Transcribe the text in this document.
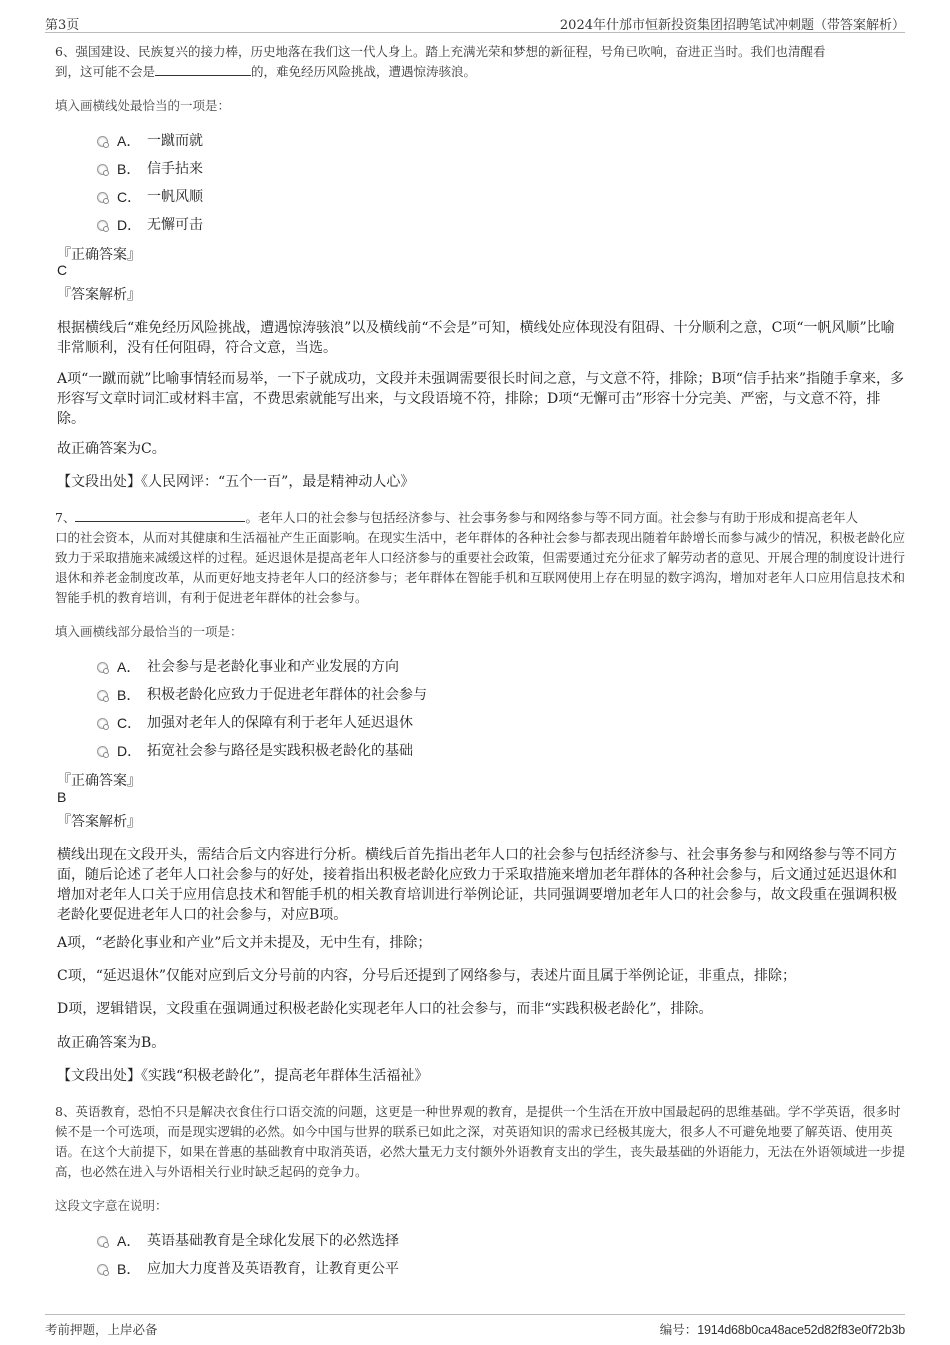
第3页	2024年什邡市恒新投资集团招聘笔试冲刺题（带答案解析）
6、强国建设、民族复兴的接力棒，历史地落在我们这一代人身上。踏上充满光荣和梦想的新征程，号角已吹响，奋进正当时。我们也清醒看
到，这可能不会是	的，难免经历风险挑战，遭遇惊涛骇浪。
填入画横线处最恰当的一项是：
A． 一蹴而就
B． 信手拈来
C． 一帆风顺
D． 无懈可击
『正确答案』
C
『答案解析』
根据横线后“难免经历风险挑战，遭遇惊涛骇浪”以及横线前“不会是”可知，横线处应体现没有阻碍、十分顺利之意，C项“一帆风顺”比喻非常顺利，没有任何阻碍，符合文意，当选。
A项“一蹴而就”比喻事情轻而易举，一下子就成功，文段并未强调需要很长时间之意，与文意不符，排除；B项“信手拈来”指随手拿来，多形容写文章时词汇或材料丰富，不费思索就能写出来，与文段语境不符，排除；D项“无懈可击”形容十分完美、严密，与文意不符，排除。
故正确答案为C。
【文段出处】《人民网评：“五个一百”，最是精神动人心》
7、	。老年人口的社会参与包括经济参与、社会事务参与和网络参与等不同方面。社会参与有助于形成和提高老年人
口的社会资本，从而对其健康和生活福祉产生正面影响。在现实生活中，老年群体的各种社会参与都表现出随着年龄增长而参与减少的情况，积极老龄化应致力于采取措施来减缓这样的过程。延迟退休是提高老年人口经济参与的重要社会政策，但需要通过充分征求了解劳动者的意见、开展合理的制度设计进行退休和养老金制度改革，从而更好地支持老年人口的经济参与；老年群体在智能手机和互联网使用上存在明显的数字鸿沟，增加对老年人口应用信息技术和智能手机的教育培训，有利于促进老年群体的社会参与。
填入画横线部分最恰当的一项是：
A． 社会参与是老龄化事业和产业发展的方向
B． 积极老龄化应致力于促进老年群体的社会参与
C． 加强对老年人的保障有利于老年人延迟退休
D． 拓宽社会参与路径是实践积极老龄化的基础
『正确答案』
B
『答案解析』
横线出现在文段开头，需结合后文内容进行分析。横线后首先指出老年人口的社会参与包括经济参与、社会事务参与和网络参与等不同方面，随后论述了老年人口社会参与的好处，接着指出积极老龄化应致力于采取措施来增加老年群体的各种社会参与，后文通过延迟退休和增加对老年人口关于应用信息技术和智能手机的相关教育培训进行举例论证，共同强调要增加老年人口的社会参与，故文段重在强调积极老龄化要促进老年人口的社会参与，对应B项。
A项，“老龄化事业和产业”后文并未提及，无中生有，排除；
C项，“延迟退休”仅能对应到后文分号前的内容，分号后还提到了网络参与，表述片面且属于举例论证，非重点，排除；
D项，逻辑错误，文段重在强调通过积极老龄化实现老年人口的社会参与，而非“实践积极老龄化”，排除。
故正确答案为B。
【文段出处】《实践“积极老龄化”，提高老年群体生活福祉》
8、英语教育，恐怕不只是解决衣食住行口语交流的问题，这更是一种世界观的教育，是提供一个生活在开放中国最起码的思维基础。学不学英语，很多时候不是一个可选项，而是现实逻辑的必然。如今中国与世界的联系已如此之深，对英语知识的需求已经极其庞大，很多人不可避免地要了解英语、使用英语。在这个大前提下，如果在普惠的基础教育中取消英语，必然大量无力支付额外外语教育支出的学生，丧失最基础的外语能力，无法在外语领域进一步提高，也必然在进入与外语相关行业时缺乏起码的竞争力。
这段文字意在说明：
A． 英语基础教育是全球化发展下的必然选择
B． 应加大力度普及英语教育，让教育更公平
考前押题，上岸必备	编号：1914d68b0ca48ace52d82f83e0f72b3b
